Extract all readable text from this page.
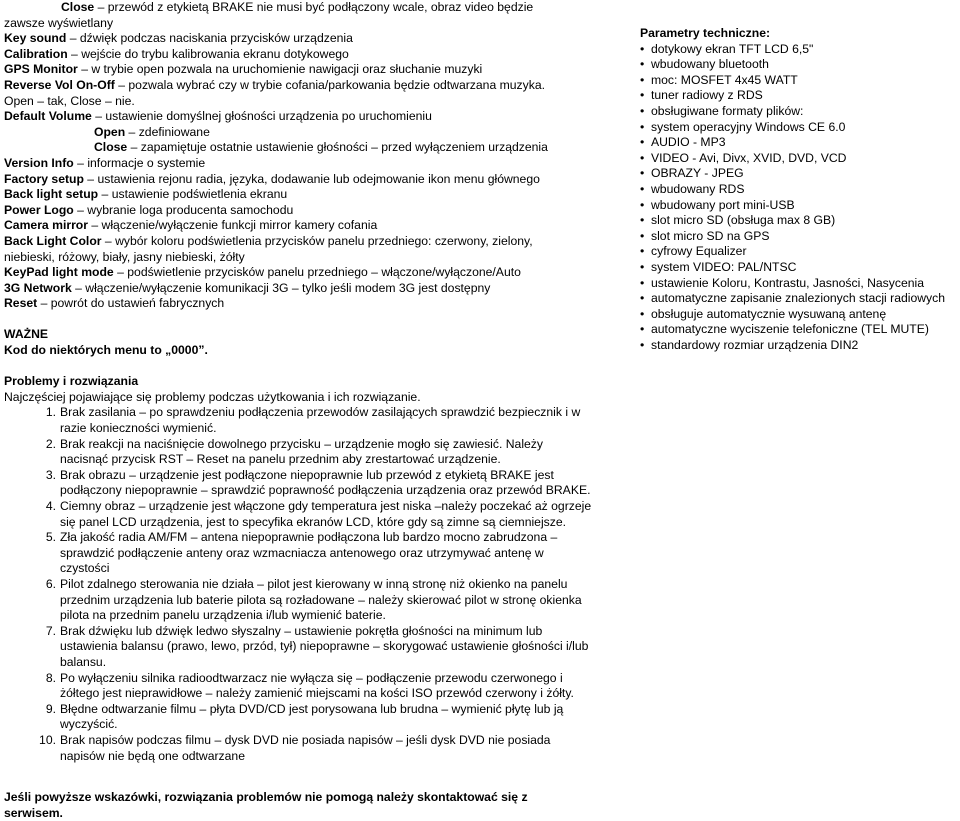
Close – przewód z etykietą BRAKE nie musi być podłączony wcale, obraz video będzie
zawsze wyświetlany
Key sound – dźwięk podczas naciskania przycisków urządzenia
Calibration – wejście do trybu kalibrowania ekranu dotykowego
GPS Monitor – w trybie open pozwala na uruchomienie nawigacji oraz słuchanie muzyki
Reverse Vol On-Off – pozwala wybrać czy w trybie cofania/parkowania będzie odtwarzana muzyka.
Open – tak, Close – nie.
Default Volume – ustawienie domyślnej głośności urządzenia po uruchomieniu
Open – zdefiniowane
Close – zapamiętuje ostatnie ustawienie głośności – przed wyłączeniem urządzenia
Version Info – informacje o systemie
Factory setup – ustawienia rejonu radia, języka, dodawanie lub odejmowanie ikon menu głównego
Back light setup – ustawienie podświetlenia ekranu
Power Logo – wybranie loga producenta samochodu
Camera mirror – włączenie/wyłączenie funkcji mirror kamery cofania
Back Light Color – wybór koloru podświetlenia przycisków panelu przedniego: czerwony, zielony, niebieski, różowy, biały, jasny niebieski, żółty
KeyPad light mode – podświetlenie przycisków panelu przedniego – włączone/wyłączone/Auto
3G Network – włączenie/wyłączenie komunikacji 3G – tylko jeśli modem 3G jest dostępny
Reset – powrót do ustawień fabrycznych
WAŻNE
Kod do niektórych menu to „0000”.
Problemy i rozwiązania
Najczęściej pojawiające się problemy podczas użytkowania i ich rozwiązanie.
1. Brak zasilania – po sprawdzeniu podłączenia przewodów zasilających sprawdzić bezpiecznik i w razie konieczności wymienić.
2. Brak reakcji na naciśnięcie dowolnego przycisku – urządzenie mogło się zawiesić. Należy nacisnąć przycisk RST – Reset na panelu przednim aby zrestartować urządzenie.
3. Brak obrazu – urządzenie jest podłączone niepoprawnie lub przewód z etykietą BRAKE jest podłączony niepoprawnie – sprawdzić poprawność podłączenia urządzenia oraz przewód BRAKE.
4. Ciemny obraz – urządzenie jest włączone gdy temperatura jest niska –należy poczekać aż ogrzeje się panel LCD urządzenia, jest to specyfika ekranów LCD, które gdy są zimne są ciemniejsze.
5. Zła jakość radia AM/FM – antena niepoprawnie podłączona lub bardzo mocno zabrudzona – sprawdzić podłączenie anteny oraz wzmacniacza antenowego oraz utrzymywać antenę w czystości
6. Pilot zdalnego sterowania nie działa – pilot jest kierowany w inną stronę niż okienko na panelu przednim urządzenia lub baterie pilota są rozładowane – należy skierować pilot w stronę okienka pilota na przednim panelu urządzenia i/lub wymienić baterie.
7. Brak dźwięku lub dźwięk ledwo słyszalny – ustawienie pokrętła głośności na minimum lub ustawienia balansu (prawo, lewo, przód, tył) niepoprawne – skorygować ustawienie głośności i/lub balansu.
8. Po wyłączeniu silnika radioodtwarzacz nie wyłącza się – podłączenie przewodu czerwonego i żółtego jest nieprawidłowe – należy zamienić miejscami na kości ISO przewód czerwony i żółty.
9. Błędne odtwarzanie filmu – płyta DVD/CD jest porysowana lub brudna – wymienić płytę lub ją wyczyścić.
10. Brak napisów podczas filmu – dysk DVD nie posiada napisów – jeśli dysk DVD nie posiada napisów nie będą one odtwarzane
Parametry techniczne:
• dotykowy ekran TFT LCD 6,5"
• wbudowany bluetooth
• moc: MOSFET 4x45 WATT
• tuner radiowy z RDS
• obsługiwane formaty plików:
• system operacyjny Windows CE 6.0
• AUDIO - MP3
• VIDEO - Avi, Divx, XVID, DVD, VCD
• OBRAZY - JPEG
• wbudowany RDS
• wbudowany port mini-USB
• slot micro SD (obsługa max 8 GB)
• slot micro SD na GPS
• cyfrowy Equalizer
• system VIDEO: PAL/NTSC
• ustawienie Koloru, Kontrastu, Jasności, Nasycenia
• automatyczne zapisanie znalezionych stacji radiowych
• obsługuje automatycznie wysuwaną antenę
• automatyczne wyciszenie telefoniczne (TEL MUTE)
• standardowy rozmiar urządzenia DIN2
Jeśli powyższe wskazówki, rozwiązania problemów nie pomogą należy skontaktować się z serwisem.
